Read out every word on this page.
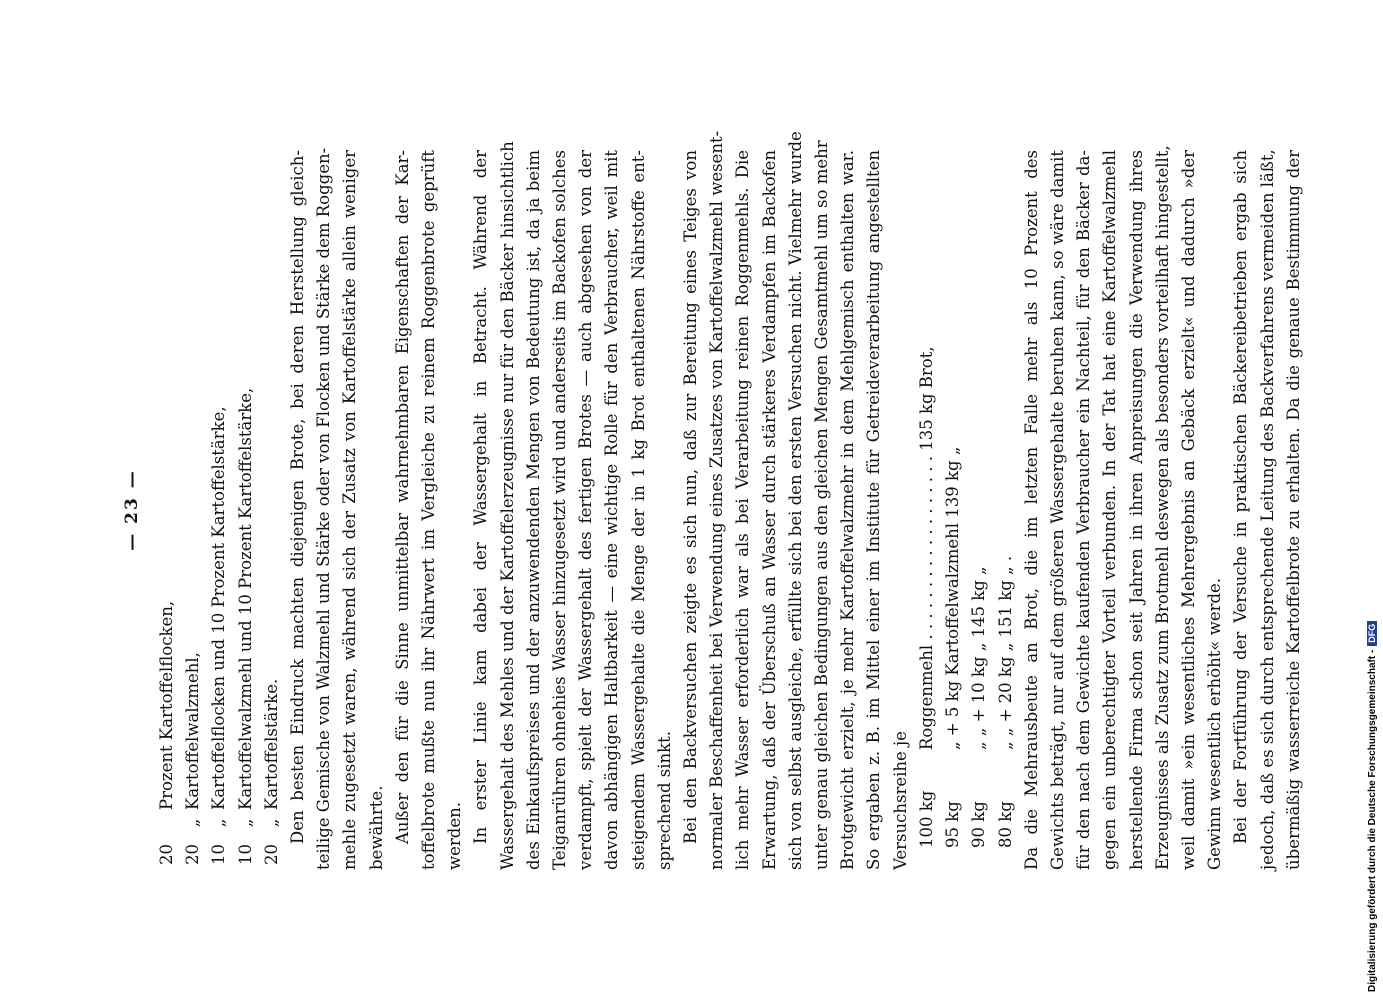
— 23 —
20Prozent Kartoffelflocken,
20„Kartoffelwalzmehl,
10„Kartoffelflocken und 10 Prozent Kartoffelstärke,
10„Kartoffelwalzmehl und 10 Prozent Kartoffelstärke,
20„Kartoffelstärke. Den besten Eindruck machten diejenigen Brote, bei deren Herstellung gleich- teilige Gemische von Walzmehl und Stärke oder von Flocken und Stärke dem Roggen- mehle zugesetzt waren, während sich der Zusatz von Kartoffelstärke allein weniger bewährte. Außer den für die Sinne unmittelbar wahrnehmbaren Eigenschaften der Kar- toffelbrote mußte nun ihr Nährwert im Vergleiche zu reinem Roggenbrote geprüft werden. In erster Linie kam dabei der Wassergehalt in Betracht. Während der Wassergehalt des Mehles und der Kartoffelerzeugnisse nur für den Bäcker hinsichtlich des Einkaufspreises und der anzuwendenden Mengen von Bedeutung ist, da ja beim Teiganrühren ohnehies Wasser hinzugesetzt wird und anderseits im Backofen solches verdampft, spielt der Wassergehalt des fertigen Brotes — auch abgesehen von der davon abhängigen Haltbarkeit — eine wichtige Rolle für den Verbraucher, weil mit steigendem Wassergehalte die Menge der in 1 kg Brot enthaltenen Nährstoffe ent- sprechend sinkt. Bei den Backversuchen zeigte es sich nun, daß zur Bereitung eines Teiges von normaler Beschaffenheit bei Verwendung eines Zusatzes von Kartoffelwalzmehl wesent- lich mehr Wasser erforderlich war als bei Verarbeitung reinen Roggenmehls. Die Erwartung, daß der Überschuß an Wasser durch stärkeres Verdampfen im Backofen sich von selbst ausgleiche, erfüllte sich bei den ersten Versuchen nicht. Vielmehr wurde unter genau gleichen Bedingungen aus den gleichen Mengen Gesamtmehl um so mehr Brotgewicht erzielt, je mehr Kartoffelwalzmehr in dem Mehlgemisch enthalten war. So ergaben z. B. im Mittel einer im Institute für Getreideverarbeitung angestellten Versuchsreihe je 100 kgRoggenmehl . . . . . . . . . . . . . . . . . . 135 kg Brot,
95 kg„ + 5 kg Kartoffelwalzmehl 139 kg „
90 kg„ „ + 10 kg „ 145 kg „
80 kg„ „ + 20 kg „ 151 kg „ . Da die Mehrausbeute an Brot, die im letzten Falle mehr als 10 Prozent des Gewichts beträgt, nur auf dem größeren Wassergehalte beruhen kann, so wäre damit für den nach dem Gewichte kaufenden Verbraucher ein Nachteil, für den Bäcker da- gegen ein unberechtigter Vorteil verbunden. In der Tat hat eine Kartoffelwalzmehl herstellende Firma schon seit Jahren in ihren Anpreisungen die Verwendung ihres Erzeugnisses als Zusatz zum Brotmehl deswegen als besonders vorteilhaft hingestellt, weil damit »ein wesentliches Mehrergebnis an Gebäck erzielt« und dadurch »der Gewinn wesentlich erhöht« werde. Bei der Fortführung der Versuche in praktischen Bäckereibetrieben ergab sich jedoch, daß es sich durch entsprechende Leitung des Backverfahrens vermeiden läßt, übermäßig wasserreiche Kartoffelbrote zu erhalten. Da die genaue Bestimmung der	Digitalisierung gefördert durch die Deutsche Forschungsgemeinschaft -DFG
